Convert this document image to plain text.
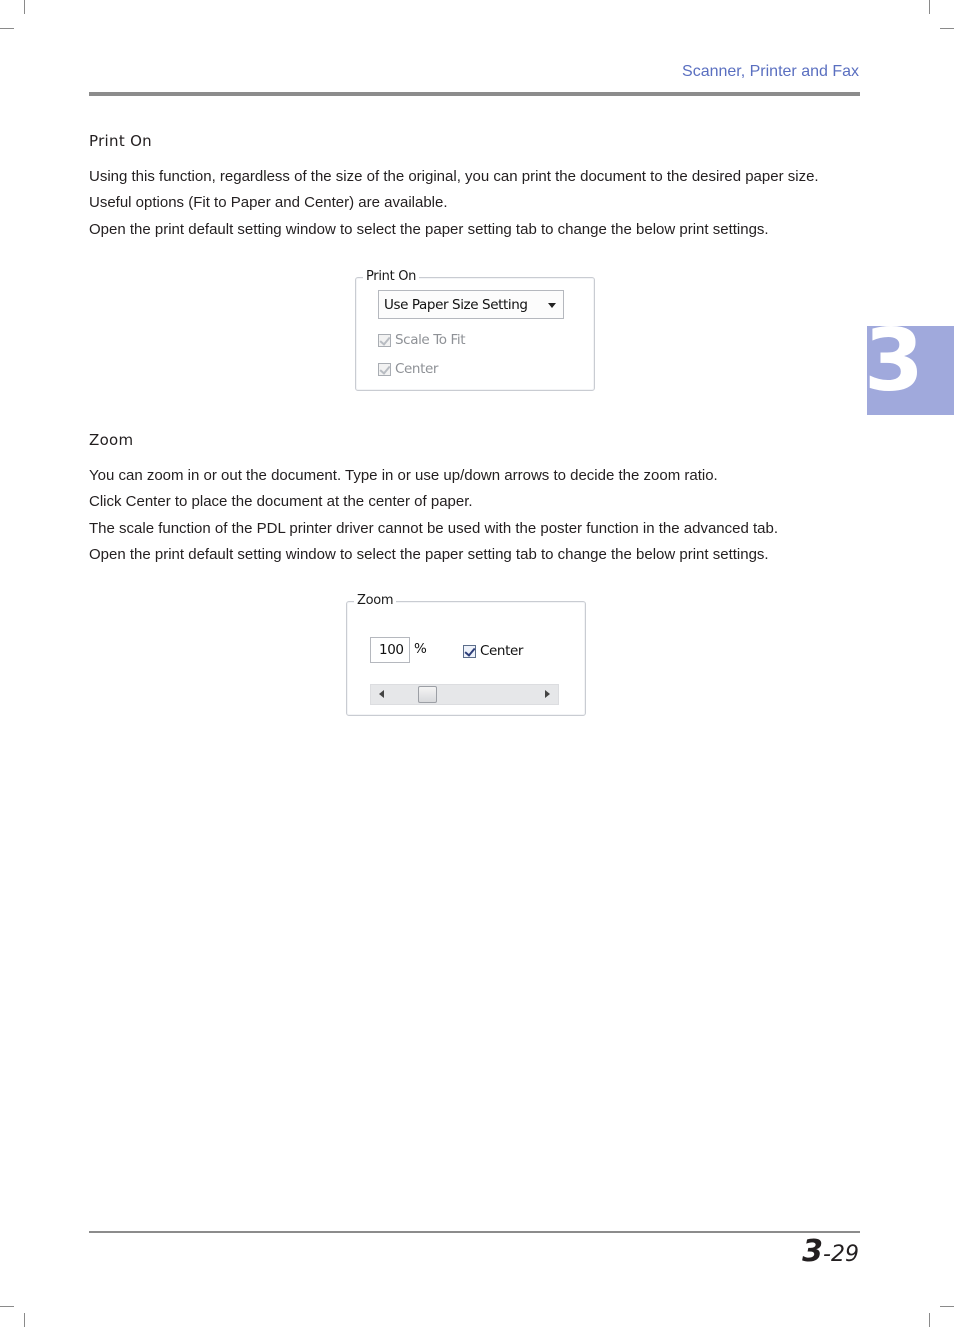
Scanner, Printer and Fax
3
Print On

Using this function, regardless of the size of the original, you can print the document to the desired paper size.

Useful options (Fit to Paper and Center) are available.

Open the print default setting window to select the paper setting tab to change the below print settings.

Print On
Use Paper Size Setting
Scale To Fit
Center
Zoom

You can zoom in or out the document. Type in or use up/down arrows to decide the zoom ratio.

Click Center to place the document at the center of paper.

The scale function of the PDL printer driver cannot be used with the poster function in the advanced tab.

Open the print default setting window to select the paper setting tab to change the below print settings.

Zoom
100 %	Center
3-29
